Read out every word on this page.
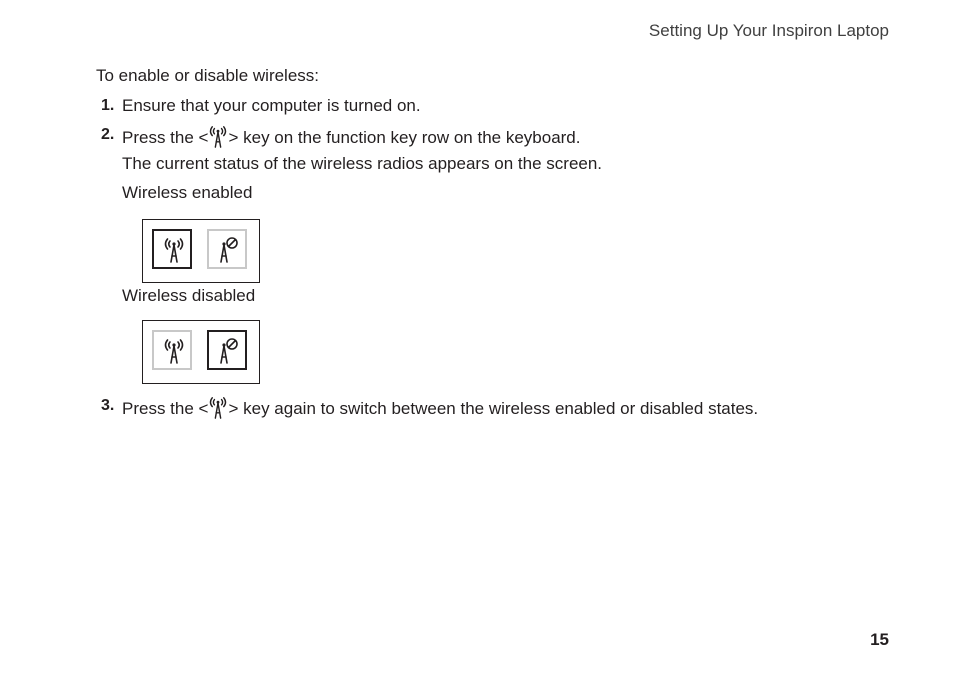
Setting Up Your Inspiron Laptop
To enable or disable wireless:
1. Ensure that your computer is turned on.
2. Press the < > key on the function key row on the keyboard.
The current status of the wireless radios appears on the screen.
Wireless enabled
Wireless disabled
3. Press the < > key again to switch between the wireless enabled or disabled states.
15
